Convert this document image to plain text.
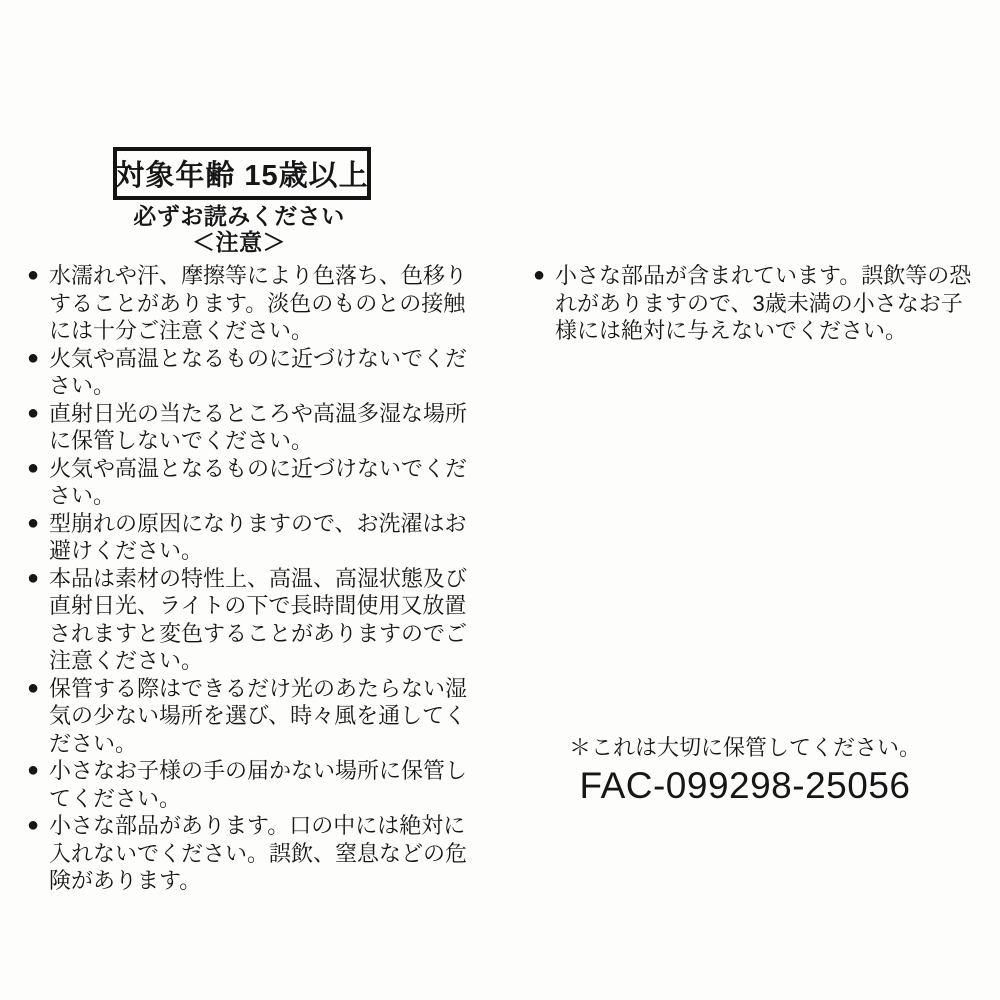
対象年齢 15歳以上
必ずお読みください
＜注意＞
● 水濡れや汗、摩擦等により色落ち、色移りすることがあります。淡色のものとの接触には十分ご注意ください。
● 火気や高温となるものに近づけないでください。
● 直射日光の当たるところや高温多湿な場所に保管しないでください。
● 火気や高温となるものに近づけないでください。
● 型崩れの原因になりますので、お洗濯はお避けください。
● 本品は素材の特性上、高温、高湿状態及び直射日光、ライトの下で長時間使用又放置されますと変色することがありますのでご注意ください。
● 保管する際はできるだけ光のあたらない湿気の少ない場所を選び、時々風を通してください。
● 小さなお子様の手の届かない場所に保管してください。
● 小さな部品があります。口の中には絶対に入れないでください。誤飲、窒息などの危険があります。
● 小さな部品が含まれています。誤飲等の恐れがありますので、3歳未満の小さなお子様には絶対に与えないでください。
＊これは大切に保管してください。
FAC-099298-25056
